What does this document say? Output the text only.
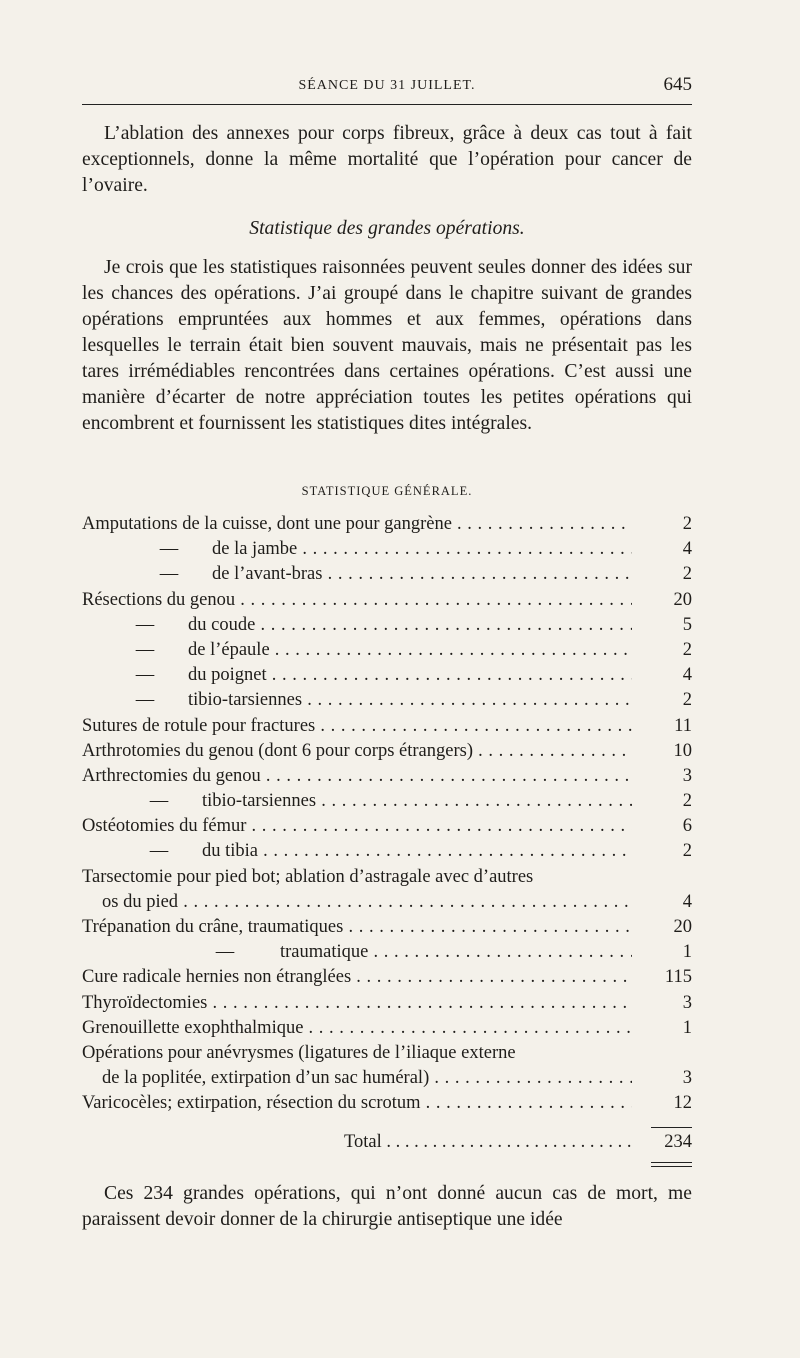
SÉANCE DU 31 JUILLET.	645
L’ablation des annexes pour corps fibreux, grâce à deux cas tout à fait exceptionnels, donne la même mortalité que l’opération pour cancer de l’ovaire.
Statistique des grandes opérations.
Je crois que les statistiques raisonnées peuvent seules donner des idées sur les chances des opérations. J’ai groupé dans le chapitre suivant de grandes opérations empruntées aux hommes et aux femmes, opérations dans lesquelles le terrain était bien souvent mauvais, mais ne présentait pas les tares irrémédiables rencontrées dans certaines opérations. C’est aussi une manière d’écarter de notre appréciation toutes les petites opérations qui encombrent et fournissent les statistiques dites intégrales.
STATISTIQUE GÉNÉRALE.
Amputations de la cuisse, dont une pour gangrène . . .	2
— de la jambe . . .	4
— de l’avant-bras . . .	2
Résections du genou . . .	20
— du coude . . .	5
— de l’épaule . . .	2
— du poignet . . .	4
— tibio-tarsiennes . . .	2
Sutures de rotule pour fractures . . .	11
Arthrotomies du genou (dont 6 pour corps étrangers) . . .	10
Arthrectomies du genou . . .	3
— tibio-tarsiennes . . .	2
Ostéotomies du fémur . . .	6
— du tibia . . .	2
Tarsectomie pour pied bot; ablation d’astragale avec d’autres
os du pied . . .	4
Trépanation du crâne, traumatiques . . .	20
— traumatique . . .	1
Cure radicale hernies non étranglées . . .	115
Thyroïdectomies . . .	3
Grenouillette exophthalmique . . .	1
Opérations pour anévrysmes (ligatures de l’iliaque externe
de la poplitée, extirpation d’un sac huméral) . . .	3
Varicocèles; extirpation, résection du scrotum . . .	12
Total . . .	234
Ces 234 grandes opérations, qui n’ont donné aucun cas de mort, me paraissent devoir donner de la chirurgie antiseptique une idée
